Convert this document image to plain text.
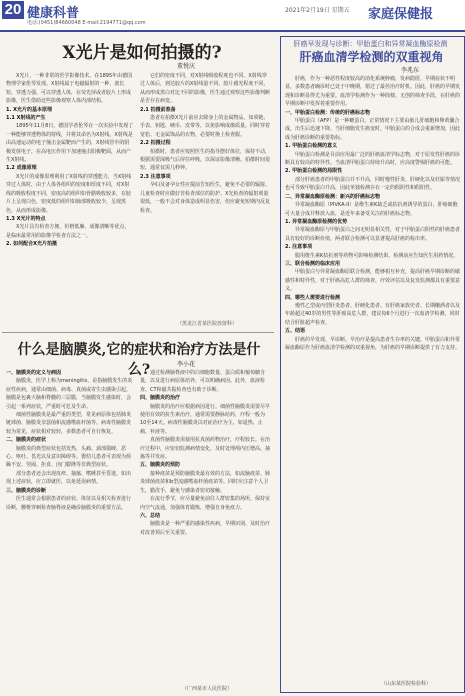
20 健康科普
电话:(0451)84660048 E-mail:2194771@qq.com
2021年2月19日 星期五 家庭保健报
X光片是如何拍摄的?
董悦庆
X光片，一种非常的医学影像技术，在1895年由德国物理学家伦琴发现。X射线属于电磁辐射的一种，波长短、穿透力强，可以穿透人体，在荧光屏或者胶片上形成影像，医生借助这些影像观察人体内部结构。
1. X光片的基本原理
1.1 X射线的产生
1895年11月8日，德国学者伦琴在一次实验中发现了一种能够穿透物体的射线，并将其命名为X射线。X射线是由高速运动的电子撞击金属靶而产生的，X射线管中的阴极发射电子，在高电压作用下加速撞击阳极靶面，从而产生X射线。
1.2 成像原理
X光片的成像原理利用了X射线的穿透能力，当X射线穿过人体时，由于人体各组织的密度和厚度不同，对X射线的吸收程度不同，密度高的组织如骨骼吸收较多，在胶片上呈现白色，密度低的组织如肺部吸收较少，呈现黑色，从而形成影像。
1.3 X光片的特点
X光片具有检查方便、价格低廉、成像清晰等优点，是临床最常用的影像学检查方法之一。
2. 如何配合X光片拍摄
它们的密度不同，对X射线吸收程度也不同。X射线穿过人体后，到达胶片的X射线量不同，胶片感光程度不同，从而形成黑白对比不同的影像，医生通过观察这些影像判断是否存在病变。
2.1 拍摄前准备
患者在拍摄X光片前应去除身上的金属物品，如项链、手表、钥匙、硬币、皮带等，以免影响成像质量。同时穿着宽松、无金属饰品的衣物，必要时换上检查服。
2.2 拍摄过程
拍摄时，患者应按照医生的指导摆好体位，保持不动，根据需要深吸气后屏住呼吸，以保证影像清晰。拍摄时间很短，通常仅需几秒钟。
2.3 注意事项
孕妇及备孕女性应提前告知医生，避免不必要的辐射。儿童检查时应做好非检查部位的防护。X光检查的辐射剂量很低，一般不会对身体造成明显伤害，但应避免短期内反复检查。
（黑龙江省某医院放射科）
什么是脑膜炎,它的症状和治疗方法是什么?	李小花
一、脑膜炎的定义与病因
脑膜炎，医学上称为meningitis，是指脑膜发生的炎症性疾病，通常由细菌、病毒、真菌或寄生虫感染引起。脑膜是包裹大脑和脊髓的三层膜，当脑膜发生感染时，会引起一系列症状，严重时可危及生命。
细菌性脑膜炎是最严重的类型，常见病原体包括肺炎链球菌、脑膜炎奈瑟菌和流感嗜血杆菌等。病毒性脑膜炎较为常见，症状相对较轻，多数患者可自行恢复。
二、脑膜炎的症状
脑膜炎的典型症状包括发热、头痛、颈部僵硬、恶心、呕吐、畏光以及意识障碍等。婴幼儿患者可表现为烦躁不安、哭闹、拒食、囟门膨隆等非典型症状。
部分患者还会出现皮疹、抽搐、嗜睡甚至昏迷。如出现上述症状，应立即就医，以免延误病情。
三、脑膜炎的诊断
医生通常会根据患者的症状、体征以及相关检查进行诊断，腰椎穿刺检查脑脊液是确诊脑膜炎的重要方法。
通过检测脑脊液中的白细胞数量、蛋白质和葡萄糖含量，以及进行病原体培养，可以明确病因。此外，血液检查、CT和磁共振检查也有助于诊断。
四、脑膜炎的治疗
脑膜炎的治疗应根据病因进行。细菌性脑膜炎需要尽早使用有效的抗生素治疗，通常需要静脉给药，疗程一般为10至14天。病毒性脑膜炎以对症治疗为主，如退热、止痛、补液等。
真菌性脑膜炎需使用抗真菌药物治疗，疗程较长。在治疗过程中，应密切监测病情变化，及时处理颅内压增高、抽搐等并发症。
五、脑膜炎的预防
接种疫苗是预防脑膜炎最有效的方法，如流脑疫苗、肺炎球菌疫苗和b型流感嗜血杆菌疫苗等。同时应注意个人卫生，勤洗手，避免与感染者密切接触。
在流行季节，应尽量避免前往人群密集的场所，保持室内空气流通，加强体育锻炼，增强自身免疫力。
六、总结
脑膜炎是一种严重的感染性疾病，早期识别、及时治疗对改善预后至关重要。
（广西某市人民医院）
肝癌早发现与诊断：甲胎蛋白和异常凝血酶原检测
肝癌血清学检测的双重视角
李兆东
肝癌，作为一种恶性程度较高的消化系统肿瘤，发病隐匿，早期症状不明显，多数患者确诊时已处于中晚期，错过了最佳治疗时机。因此，肝癌的早期发现和诊断显得尤为重要。血清学检测作为一种简便、无创的筛查手段，在肝癌的早期诊断中发挥着重要作用。
一、甲胎蛋白检测：传统的肝癌标志物
甲胎蛋白（AFP）是一种糖蛋白，正常情况下主要由胎儿肝细胞和卵黄囊合成，出生后迅速下降。当肝细胞发生癌变时，甲胎蛋白的合成会重新增加，因此成为肝癌诊断的重要指标。
1. 甲胎蛋白检测的意义
甲胎蛋白检测是目前应用最广泛的肝癌血清学标志物，对于原发性肝癌的诊断具有较高的特异性。当血清甲胎蛋白持续升高时，应高度警惕肝癌的可能。
2. 甲胎蛋白检测的局限性
部分肝癌患者的甲胎蛋白并不升高，同时慢性肝炎、肝硬化以及妊娠等情况也可导致甲胎蛋白升高，因此单独检测存在一定的假阴性和假阳性。
二、异常凝血酶原检测：新兴的肝癌标志物
异常凝血酶原（PIVKA-II）是维生素K缺乏或拮抗剂诱导的蛋白，肝癌细胞可大量合成并释放入血，是近年来备受关注的肝癌标志物。
1. 异常凝血酶原检测的优势
异常凝血酶原与甲胎蛋白之间无明显相关性，对于甲胎蛋白阴性的肝癌患者具有较好的诊断价值，两者联合检测可以显著提高肝癌的检出率。
2. 注意事项
服用维生素K拮抗剂等药物可影响检测结果，检测前应告知医生用药情况。
三、联合检测的临床应用
甲胎蛋白与异常凝血酶原联合检测，能够相互补充，提高肝癌早期诊断的敏感性和特异性，对于肝癌高危人群的筛查、疗效评估以及复发监测都具有重要意义。
四、哪些人需要进行检测
慢性乙型或丙型肝炎患者、肝硬化患者、有肝癌家族史者、长期酗酒者以及年龄超过40岁的男性等肝癌高危人群，建议每6个月进行一次血清学检测，同时结合肝脏超声检查。
五、结语
肝癌的早发现、早诊断、早治疗是提高患者生存率的关键。甲胎蛋白和异常凝血酶原作为肝癌血清学检测的双重视角，为肝癌的早期诊断提供了有力支持。
（山东某医院检验科）
